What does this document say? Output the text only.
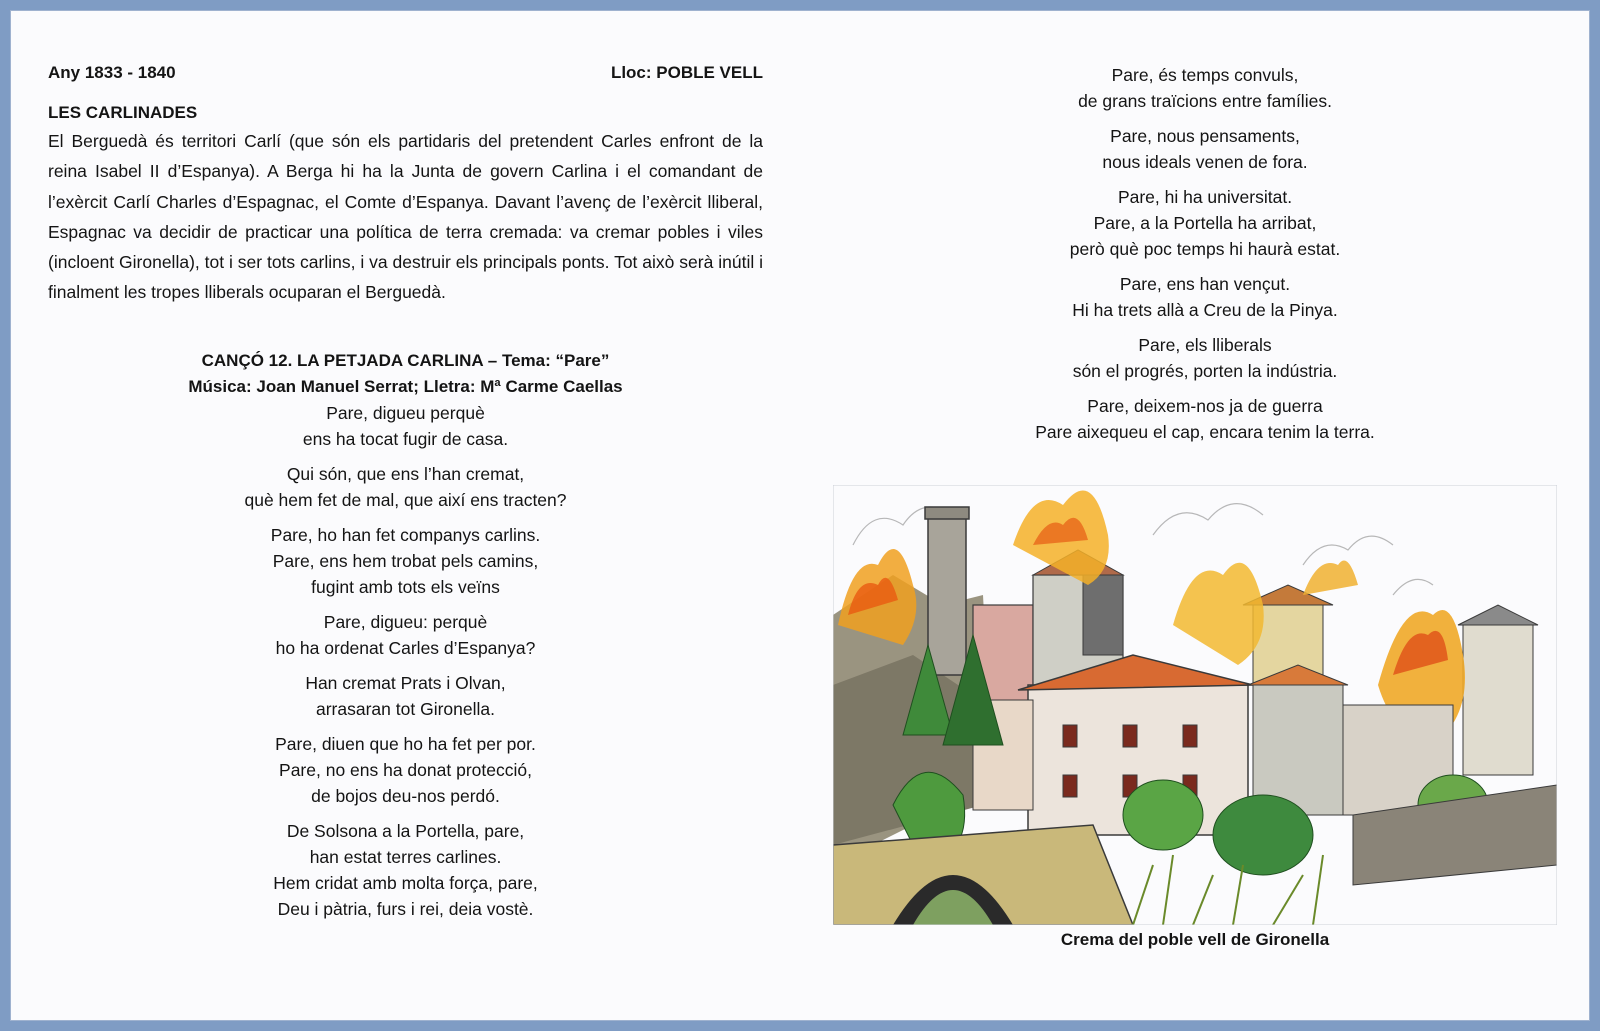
Any 1833 - 1840	Lloc: POBLE VELL
LES CARLINADES

El Berguedà és territori Carlí (que són els partidaris del pretendent Carles enfront de la reina Isabel II d’Espanya). A Berga hi ha la Junta de govern Carlina i el comandant de l’exèrcit Carlí Charles d’Espagnac, el Comte d’Espanya. Davant l’avenç de l’exèrcit lliberal, Espagnac va decidir de practicar una política de terra cremada: va cremar pobles i viles (incloent Gironella), tot i ser tots carlins, i va destruir els principals ponts. Tot això serà inútil i finalment les tropes lliberals ocuparan el Berguedà.

CANÇÓ 12. LA PETJADA CARLINA – Tema: “Pare”
Música: Joan Manuel Serrat; Lletra: Mª Carme Caellas
Pare, digueu perquè
ens ha tocat fugir de casa.
Qui són, que ens l’han cremat,
què hem fet de mal, que així ens tracten?
Pare, ho han fet companys carlins.
Pare, ens hem trobat pels camins,
fugint amb tots els veïns
Pare, digueu: perquè
ho ha ordenat Carles d’Espanya?
Han cremat Prats i Olvan,
arrasaran tot Gironella.
Pare, diuen que ho ha fet per por.
Pare, no ens ha donat protecció,
de bojos deu-nos perdó.
De Solsona a la Portella, pare,
han estat terres carlines.
Hem cridat amb molta força, pare,
Deu i pàtria, furs i rei, deia vostè.
Pare, és temps convuls,
de grans traïcions entre famílies.
Pare, nous pensaments,
nous ideals venen de fora.
Pare, hi ha universitat.
Pare, a la Portella ha arribat,
però què poc temps hi haurà estat.
Pare, ens han vençut.
Hi ha trets allà a Creu de la Pinya.
Pare, els lliberals
són el progrés, porten la indústria.
Pare, deixem-nos ja de guerra
Pare aixequeu el cap, encara tenim la terra.
Crema del poble vell de Gironella
